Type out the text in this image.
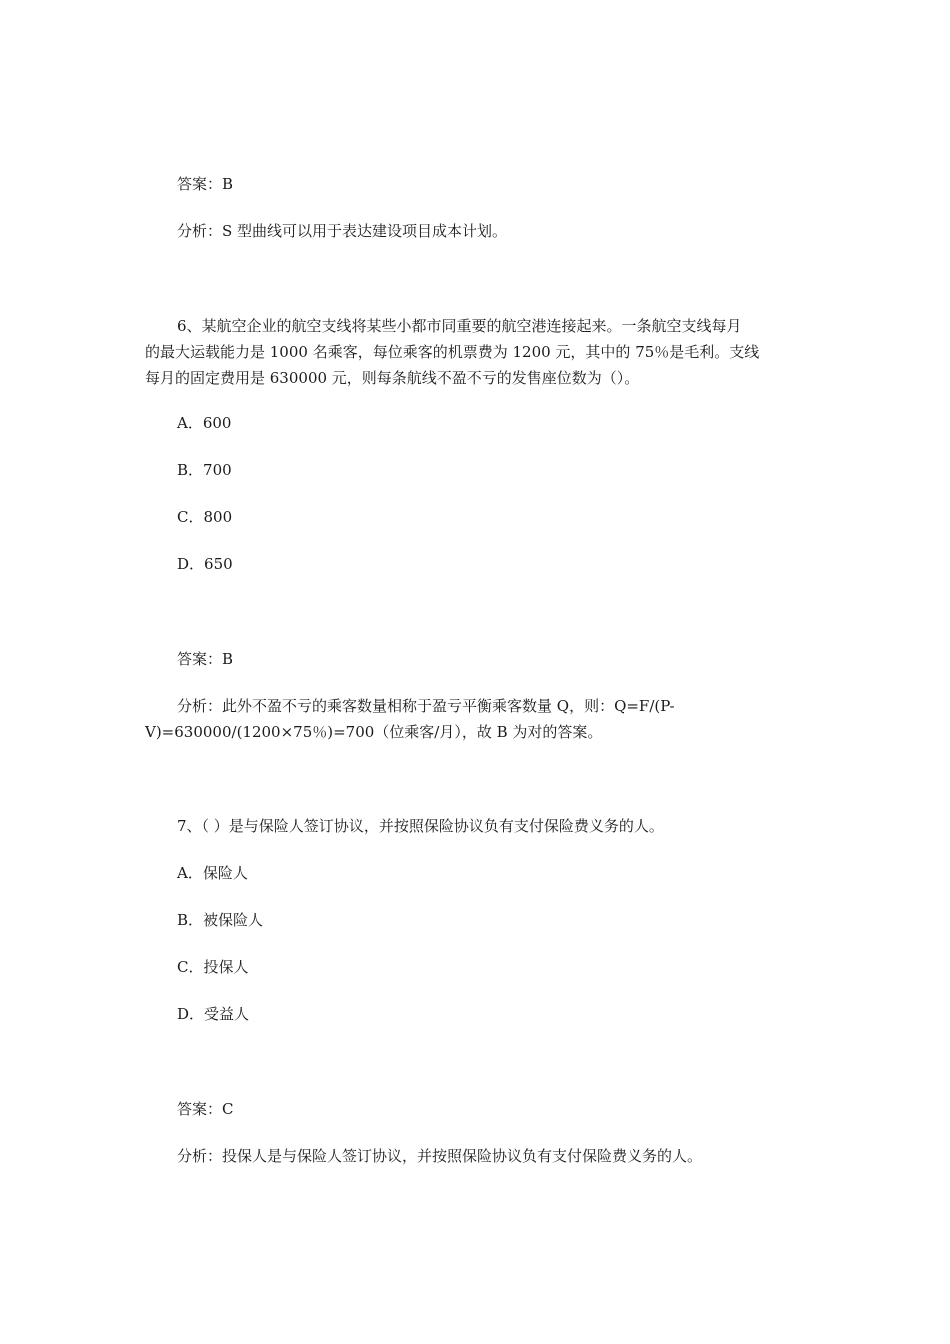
答案：B

分析：S 型曲线可以用于表达建设项目成本计划。

6、某航空企业的航空支线将某些小都市同重要的航空港连接起来。一条航空支线每月

的最大运载能力是 1000 名乘客，每位乘客的机票费为 1200 元，其中的 75％是毛利。支线

每月的固定费用是 630000 元，则每条航线不盈不亏的发售座位数为（）。

A．600

B．700

C．800

D．650

答案：B

分析：此外不盈不亏的乘客数量相称于盈亏平衡乘客数量 Q，则：Q=F/(P-

V)=630000/(1200×75％)=700（位乘客/月），故 B 为对的答案。

7、（ ）是与保险人签订协议，并按照保险协议负有支付保险费义务的人。

A．保险人

B．被保险人

C．投保人

D．受益人

答案：C

分析：投保人是与保险人签订协议，并按照保险协议负有支付保险费义务的人。
